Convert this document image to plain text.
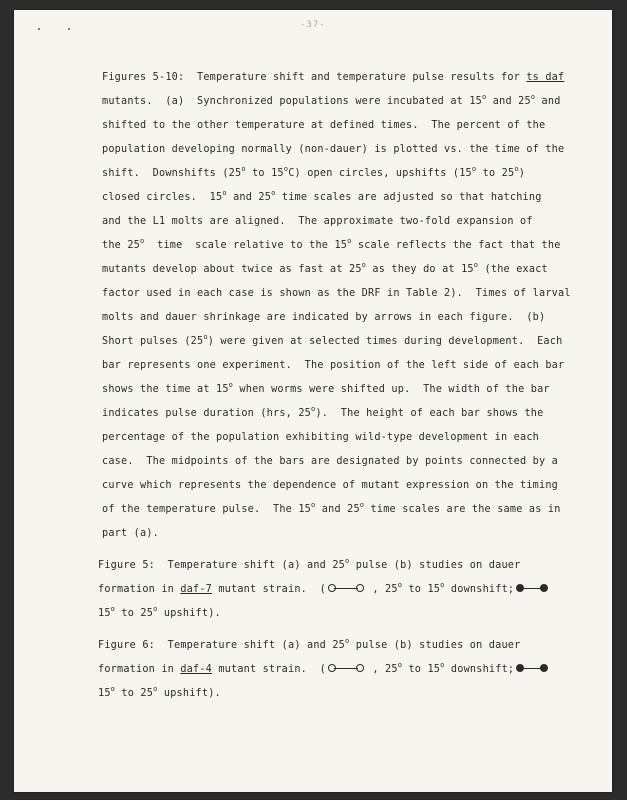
-37-

Figures 5-10:  Temperature shift and temperature pulse results for ts daf

mutants.  (a)  Synchronized populations were incubated at 15$^o$ and 25$^o$ and

shifted to the other temperature at defined times.  The percent of the

population developing normally (non-dauer) is plotted vs. the time of the

shift.  Downshifts (25$^o$ to 15$^o$C) open circles, upshifts (15$^o$ to 25$^o$)

closed circles.  15$^o$ and 25$^o$ time scales are adjusted so that hatching

and the L1 molts are aligned.  The approximate two-fold expansion of

the 25$^o$  time  scale relative to the 15$^o$ scale reflects the fact that the

mutants develop about twice as fast at 25$^o$ as they do at 15$^o$ (the exact

factor used in each case is shown as the DRF in Table 2).  Times of larval

molts and dauer shrinkage are indicated by arrows in each figure.  (b)

Short pulses (25$^o$) were given at selected times during development.  Each

bar represents one experiment.  The position of the left side of each bar

shows the time at 15$^o$ when worms were shifted up.  The width of the bar

indicates pulse duration (hrs, 25$^o$).  The height of each bar shows the

percentage of the population exhibiting wild-type development in each

case.  The midpoints of the bars are designated by points connected by a

curve which represents the dependence of mutant expression on the timing

of the temperature pulse.  The 15$^o$ and 25$^o$ time scales are the same as in

part (a).

Figure 5:  Temperature shift (a) and 25$^o$ pulse (b) studies on dauer

formation in daf-7 mutant strain.  (	, 25$^o$ to 15$^o$ downshift;

15$^o$ to 25$^o$ upshift).

Figure 6:  Temperature shift (a) and 25$^o$ pulse (b) studies on dauer

formation in daf-4 mutant strain.  (	, 25$^o$ to 15$^o$ downshift;

15$^o$ to 25$^o$ upshift).
